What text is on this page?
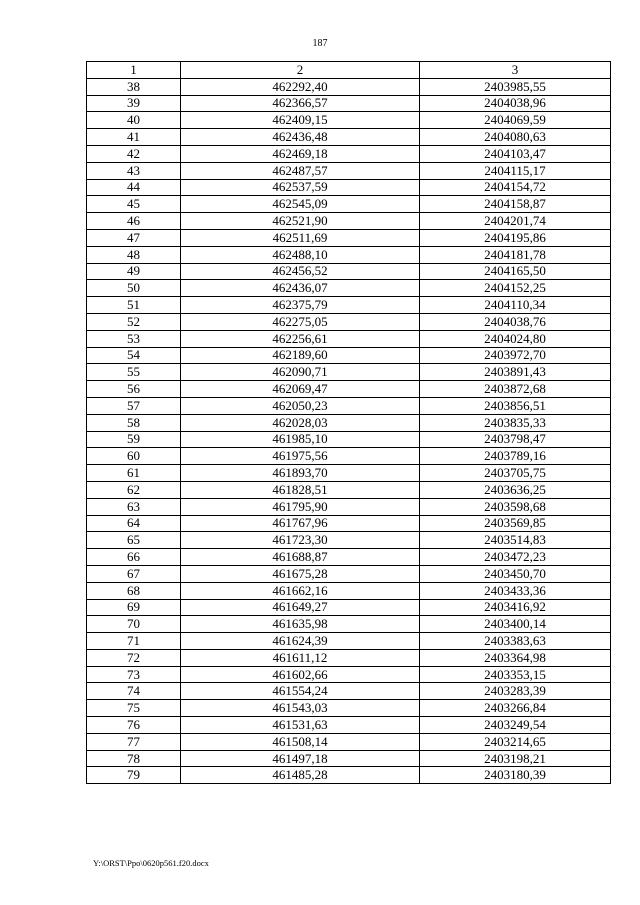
187
1	2	3
38	462292,40	2403985,55
39	462366,57	2404038,96
40	462409,15	2404069,59
41	462436,48	2404080,63
42	462469,18	2404103,47
43	462487,57	2404115,17
44	462537,59	2404154,72
45	462545,09	2404158,87
46	462521,90	2404201,74
47	462511,69	2404195,86
48	462488,10	2404181,78
49	462456,52	2404165,50
50	462436,07	2404152,25
51	462375,79	2404110,34
52	462275,05	2404038,76
53	462256,61	2404024,80
54	462189,60	2403972,70
55	462090,71	2403891,43
56	462069,47	2403872,68
57	462050,23	2403856,51
58	462028,03	2403835,33
59	461985,10	2403798,47
60	461975,56	2403789,16
61	461893,70	2403705,75
62	461828,51	2403636,25
63	461795,90	2403598,68
64	461767,96	2403569,85
65	461723,30	2403514,83
66	461688,87	2403472,23
67	461675,28	2403450,70
68	461662,16	2403433,36
69	461649,27	2403416,92
70	461635,98	2403400,14
71	461624,39	2403383,63
72	461611,12	2403364,98
73	461602,66	2403353,15
74	461554,24	2403283,39
75	461543,03	2403266,84
76	461531,63	2403249,54
77	461508,14	2403214,65
78	461497,18	2403198,21
79	461485,28	2403180,39
Y:\ORST\Ppo\0620p561.f20.docx
